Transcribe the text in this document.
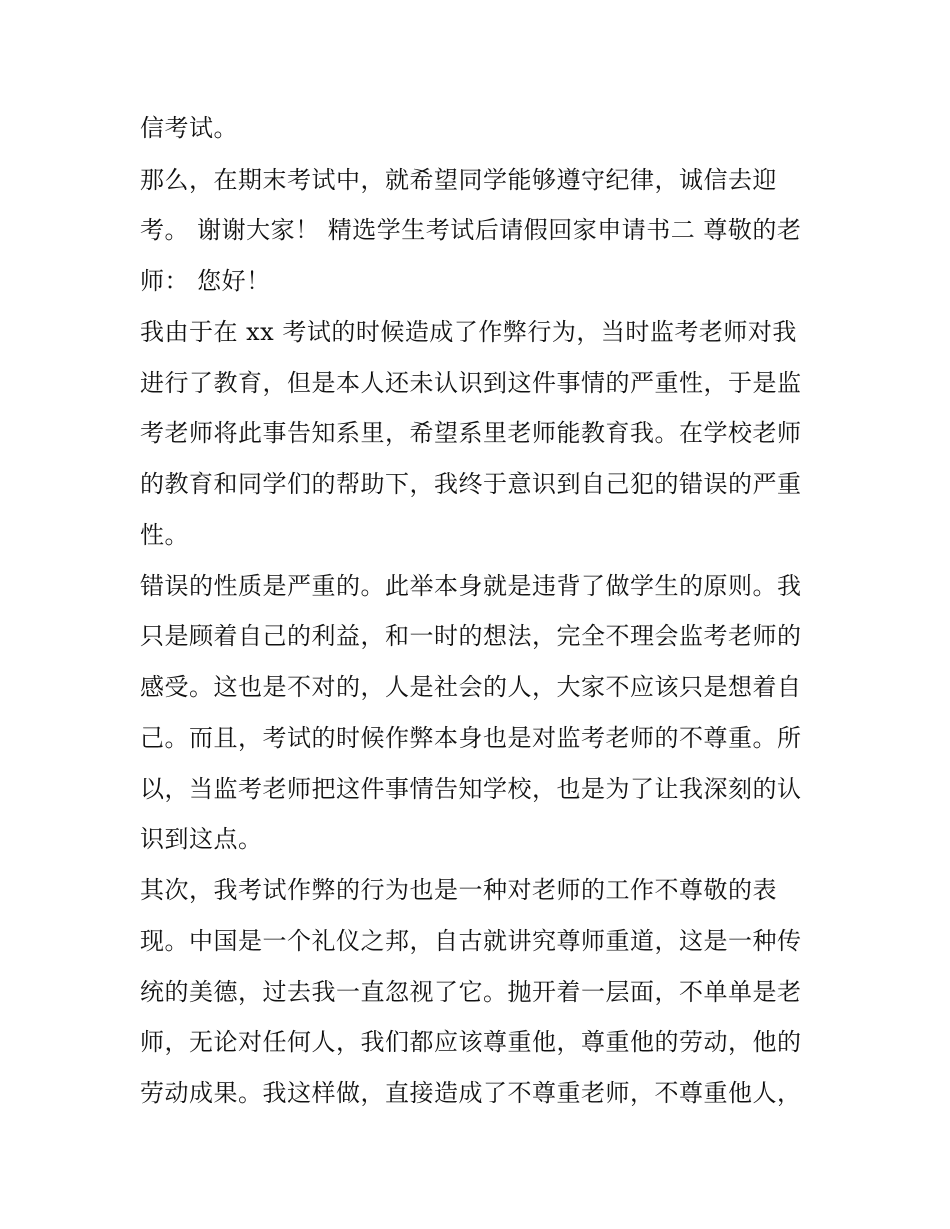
信考试。
那么，在期末考试中，就希望同学能够遵守纪律，诚信去迎
考。 谢谢大家！ 精选学生考试后请假回家申请书二 尊敬的老
师： 您好！
我由于在 xx 考试的时候造成了作弊行为，当时监考老师对我
进行了教育，但是本人还未认识到这件事情的严重性，于是监
考老师将此事告知系里，希望系里老师能教育我。在学校老师
的教育和同学们的帮助下，我终于意识到自己犯的错误的严重
性。
错误的性质是严重的。此举本身就是违背了做学生的原则。我
只是顾着自己的利益，和一时的想法，完全不理会监考老师的
感受。这也是不对的，人是社会的人，大家不应该只是想着自
己。而且，考试的时候作弊本身也是对监考老师的不尊重。所
以，当监考老师把这件事情告知学校，也是为了让我深刻的认
识到这点。
其次，我考试作弊的行为也是一种对老师的工作不尊敬的表
现。中国是一个礼仪之邦，自古就讲究尊师重道，这是一种传
统的美德，过去我一直忽视了它。抛开着一层面，不单单是老
师，无论对任何人，我们都应该尊重他，尊重他的劳动，他的
劳动成果。我这样做，直接造成了不尊重老师，不尊重他人，
